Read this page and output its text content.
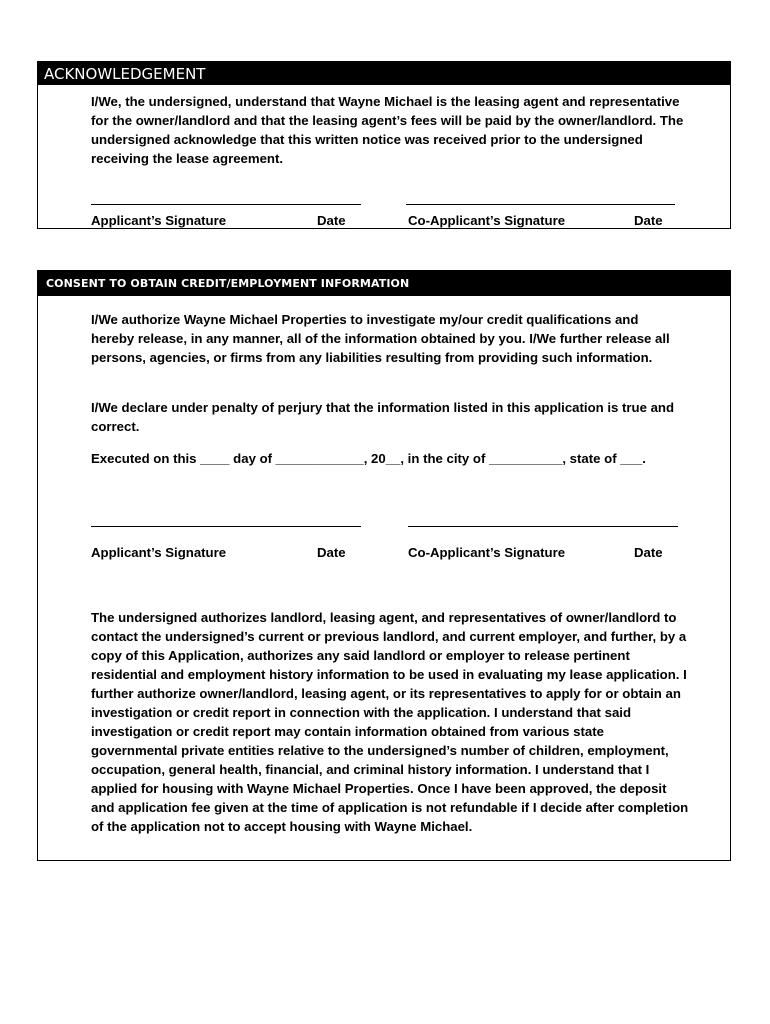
ACKNOWLEDGEMENT

I/We, the undersigned, understand that Wayne Michael is the leasing agent and representative for the owner/landlord and that the leasing agent’s fees will be paid by the owner/landlord. The undersigned acknowledge that this written notice was received prior to the undersigned receiving the lease agreement.

Applicant’s Signature	Date	Co-Applicant’s Signature	Date
CONSENT TO OBTAIN CREDIT/EMPLOYMENT INFORMATION

I/We authorize Wayne Michael Properties to investigate my/our credit qualifications and hereby release, in any manner, all of the information obtained by you. I/We further release all persons, agencies, or firms from any liabilities resulting from providing such information.

I/We declare under penalty of perjury that the information listed in this application is true and correct.

Executed on this ____ day of ____________, 20__, in the city of __________, state of ___.

Applicant’s Signature	Date	Co-Applicant’s Signature	Date

The undersigned authorizes landlord, leasing agent, and representatives of owner/landlord to contact the undersigned’s current or previous landlord, and current employer, and further, by a copy of this Application, authorizes any said landlord or employer to release pertinent residential and employment history information to be used in evaluating my lease application. I further authorize owner/landlord, leasing agent, or its representatives to apply for or obtain an investigation or credit report in connection with the application. I understand that said investigation or credit report may contain information obtained from various state governmental private entities relative to the undersigned’s number of children, employment, occupation, general health, financial, and criminal history information. I understand that I applied for housing with Wayne Michael Properties. Once I have been approved, the deposit and application fee given at the time of application is not refundable if I decide after completion of the application not to accept housing with Wayne Michael.
